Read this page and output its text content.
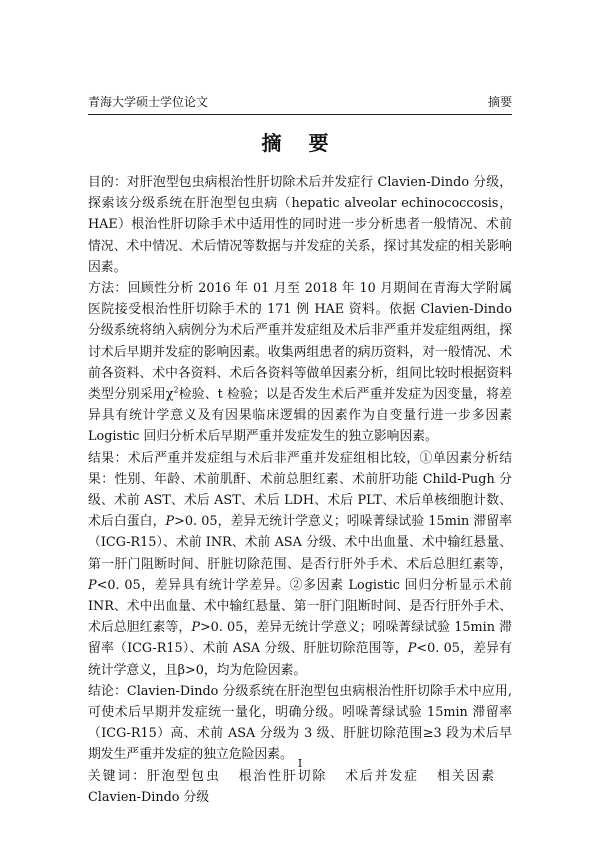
青海大学硕士学位论文	摘要
摘 要

目的：对肝泡型包虫病根治性肝切除术后并发症行 Clavien-Dindo 分级，探索该分级系统在肝泡型包虫病（hepatic alveolar echinococcosis，HAE）根治性肝切除手术中适用性的同时进一步分析患者一般情况、术前情况、术中情况、术后情况等数据与并发症的关系，探讨其发症的相关影响因素。

方法：回顾性分析 2016 年 01 月至 2018 年 10 月期间在青海大学附属医院接受根治性肝切除手术的 171 例 HAE 资料。依据 Clavien-Dindo 分级系统将纳入病例分为术后严重并发症组及术后非严重并发症组两组，探讨术后早期并发症的影响因素。收集两组患者的病历资料，对一般情况、术前各资料、术中各资料、术后各资料等做单因素分析，组间比较时根据资料类型分别采用$\chi^2$检验、t 检验；以是否发生术后严重并发症为因变量，将差异具有统计学意义及有因果临床逻辑的因素作为自变量行进一步多因素 Logistic 回归分析术后早期严重并发症发生的独立影响因素。

结果：术后严重并发症组与术后非严重并发症组相比较，①单因素分析结果：性别、年龄、术前肌酐、术前总胆红素、术前肝功能 Child-Pugh 分级、术前 AST、术后 AST、术后 LDH、术后 PLT、术后单核细胞计数、术后白蛋白，P>0. 05，差异无统计学意义；吲哚菁绿试验 15min 滞留率（ICG-R15）、术前 INR、术前 ASA 分级、术中出血量、术中输红悬量、第一肝门阻断时间、肝脏切除范围、是否行肝外手术、术后总胆红素等，P<0. 05，差异具有统计学差异。②多因素 Logistic 回归分析显示术前 INR、术中出血量、术中输红悬量、第一肝门阻断时间、是否行肝外手术、术后总胆红素等，P>0. 05，差异无统计学意义；吲哚菁绿试验 15min 滞留率（ICG-R15）、术前 ASA 分级、肝脏切除范围等，P<0. 05，差异有统计学意义，且β>0，均为危险因素。

结论：Clavien-Dindo 分级系统在肝泡型包虫病根治性肝切除手术中应用, 可使术后早期并发症统一量化，明确分级。吲哚菁绿试验 15min 滞留率（ICG-R15）高、术前 ASA 分级为 3 级、肝脏切除范围≥3 段为术后早期发生严重并发症的独立危险因素。

关键词：肝泡型包虫 根治性肝切除 术后并发症 相关因素Clavien-Dindo 分级

I
